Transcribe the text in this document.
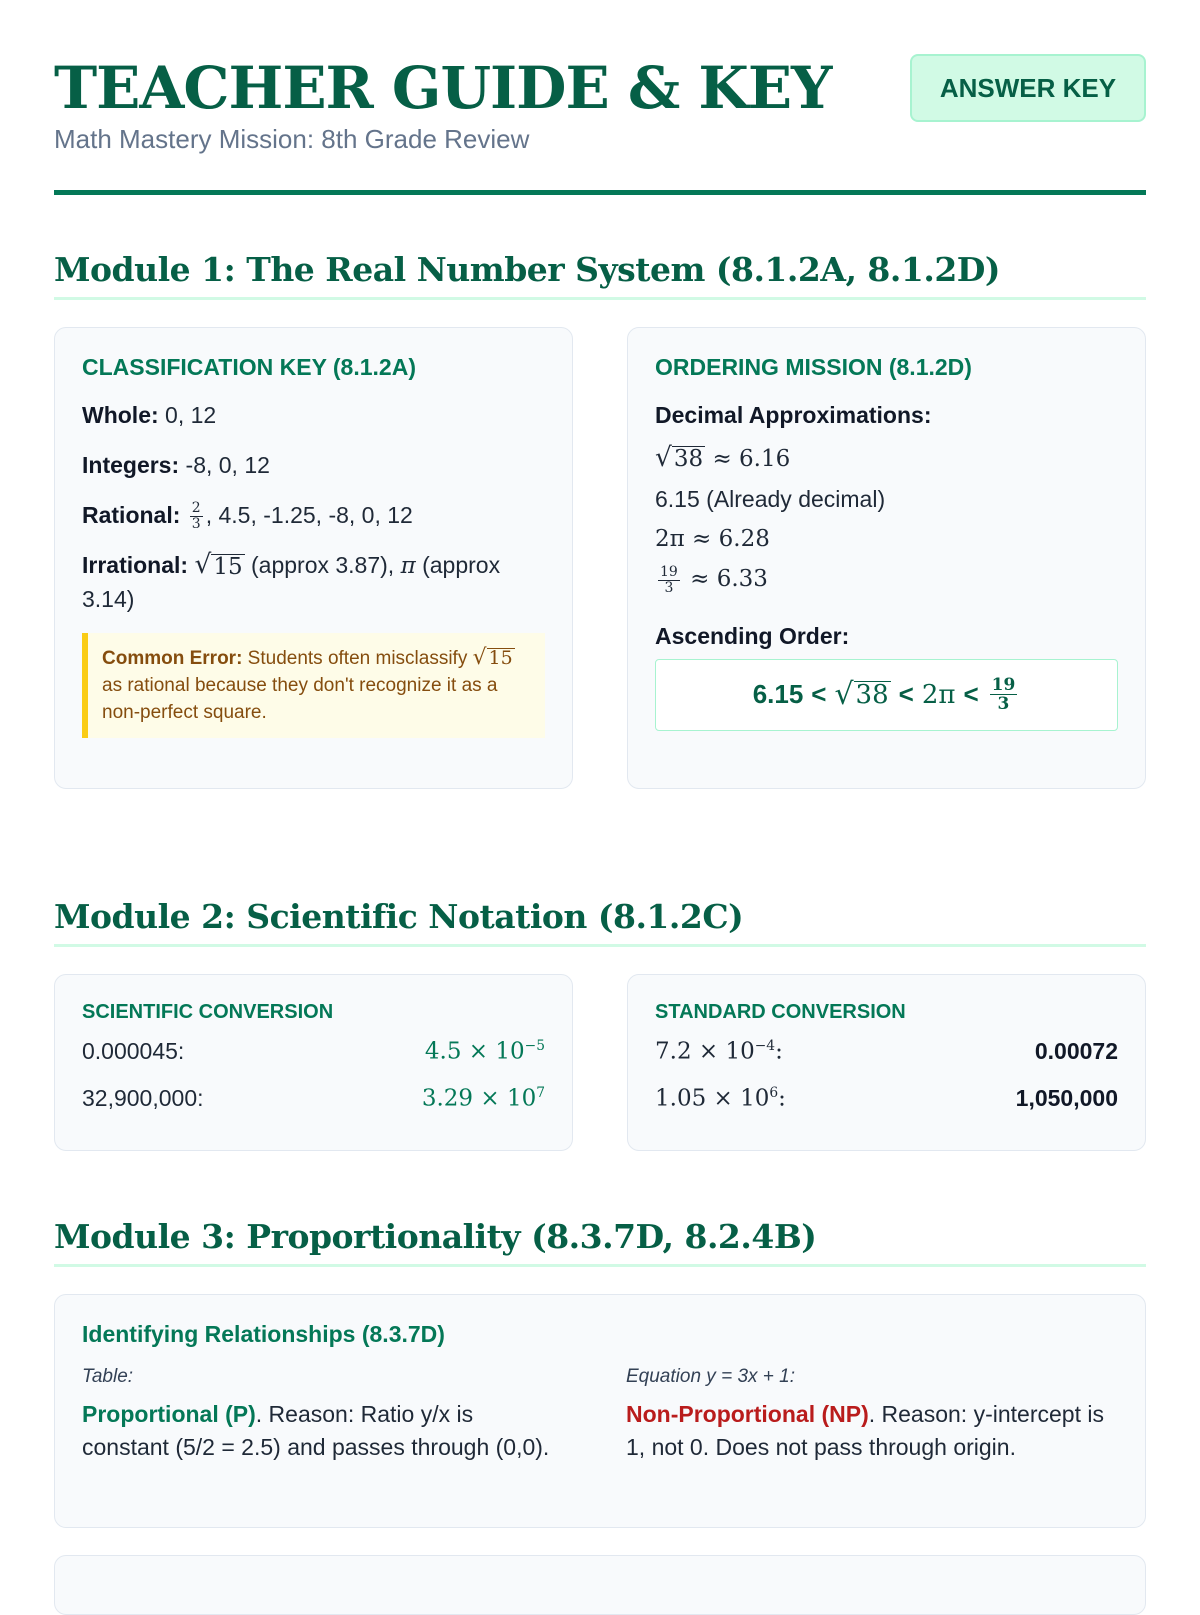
TEACHER GUIDE & KEY
Math Mastery Mission: 8th Grade Review
ANSWER KEY
Module 1: The Real Number System (8.1.2A, 8.1.2D)
CLASSIFICATION KEY (8.1.2A)
Whole: 0, 12
Integers: -8, 0, 12
Rational: $\frac{2}{3}$ , 4.5, -1.25, -8, 0, 12
Irrational: √ 15 (approx 3.87), π (approx 3.14)
Common Error: Students often misclassify √ 15
as rational because they don't recognize it as a non-perfect square.
ORDERING MISSION (8.1.2D)
Decimal Approximations:
√ 38 ≈ 6.16
6.15 (Already decimal)
2π ≈ 6.28
$\frac{19}{3} \approx 6.33$
Ascending Order:
6.15 < √ $38 < 2\pi < \frac{19}{3}$
Module 2: Scientific Notation (8.1.2C)
SCIENTIFIC CONVERSION
0.000045:	$4.5 \times 10^{-5}$
32,900,000:	$3.29 \times 10^7$
STANDARD CONVERSION
$7.2 \times 10^{-4}$:	0.00072
$1.05 \times 10^6$:	1,050,000
Module 3: Proportionality (8.3.7D, 8.2.4B)
Identifying Relationships (8.3.7D)
Table:
Proportional (P). Reason: Ratio y/x is constant (5/2 = 2.5) and passes through (0,0).
Equation y = 3x + 1:
Non-Proportional (NP). Reason: y-intercept is 1, not 0. Does not pass through origin.
